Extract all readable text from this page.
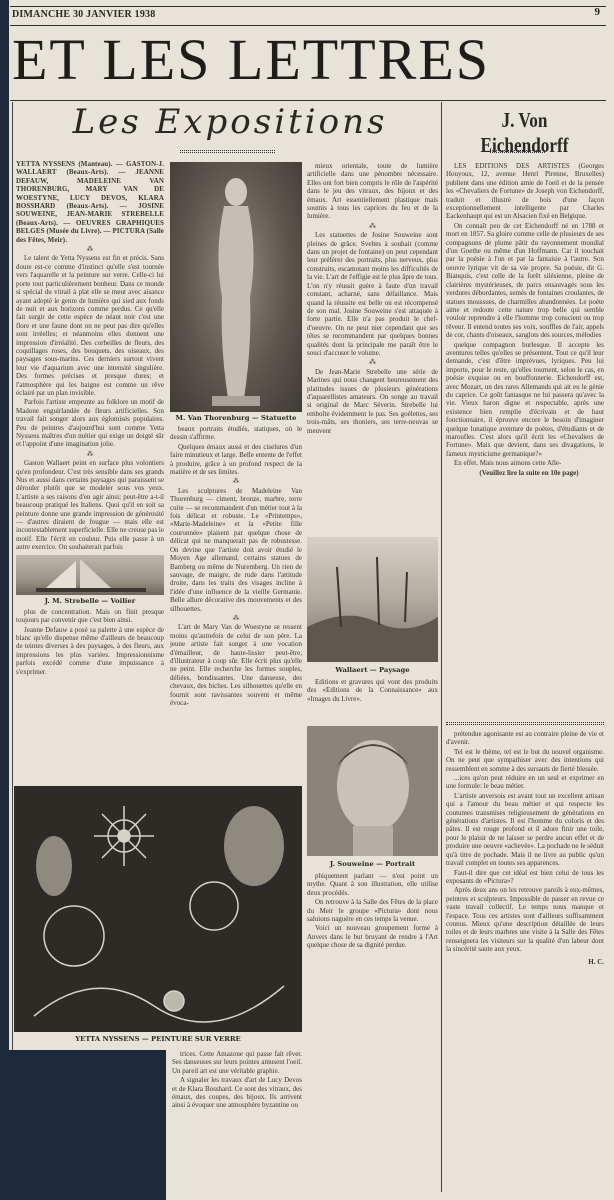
DIMANCHE 30 JANVIER 1938	9
ET LES LETTRES
Les Expositions	J. Von Eichendorff

YETTA NYSSENS (Manteau). — GASTON-J. WALLAERT (Beaux-Arts). — JEANNE DEFAUW, MADELEINE VAN THORENBURG, MARY VAN DE WOESTYNE, LUCY DEVOS, KLARA BOSSHARD (Beaux-Arts). — JOSINE SOUWEINE, JEAN-MARIE STREBELLE (Beaux-Arts). — OEUVRES GRAPHIQUES BELGES (Musée du Livre). — PICTURA (Salle des Fêtes, Meir).

⁂

Le talent de Yetta Nyssens est fin et précis. Sans doute est-ce comme d'instinct qu'elle s'est tournée vers l'aquarelle et la peinture sur verre. Celle-ci lui porte tout particulièrement bonheur. Dans ce monde si spécial du vitrail à plat elle se meut avec aisance ayant adopté le genre de lumière qui sied aux fonds de nuit et aux horizons comme perdus. Ce qu'elle fait surgir de cette espèce de néant noir c'est une flore et une faune dont on ne peut pas dire qu'elles sont irréelles; et néanmoins elles donnent une impression d'irréalité. Des corbeilles de fleurs, des coquillages roses, des bouquets, des oiseaux, des paysages sous-marins. Ces derniers surtout vivent leur vie d'aquarium avec une intensité singulière. Des formes précises et presque dures; et l'atmosphère qui les baigne est comme un rêve éclairé par un plan invisible.

Parfois l'artiste emprunte au folklore un motif de Madone enguirlandée de fleurs artificielles. Son travail fait songer alors aux églomisés populaires. Peu de peintres d'aujourd'hui sont comme Yetta Nyssens maîtres d'un métier qui exige un doigté sûr et l'appoint d'une imagination jolie.

⁂

Gaston Wallaert peint en surface plus volontiers qu'en profondeur. C'est très sensible dans ses grands Nus et aussi dans certains paysages qui paraissent se dérouler plutôt que se modeler sous vos yeux. L'artiste a ses raisons d'en agir ainsi; peut-être a-t-il beaucoup pratiqué les Italiens. Quoi qu'il en soit sa peinture donne une grande impression de générosité — d'autres diraient de fougue — mais elle est incontestablement superficielle. Elle ne creuse pas le motif. Elle l'écrit en couleur. Puis elle passe à un autre exercice. On souhaiterait parfois

J. M. Strebelle — Voilier

plus de concentration. Mais on finit presque toujours par convenir que c'est bien ainsi.

Jeanne Defauw a posé sa palette à une espèce de blanc qu'elle dispense même d'ailleurs de beaucoup de teintes diverses à des paysages, à des fleurs, aux impressions les plus variées. Impressionnisme parfois excédé comme d'une impuissance à s'exprimer.

M. Van Thorenburg — Statuette

beaux portraits étudiés, statiques, où le dessin s'affirme.

Quelques émaux aussi et des ciselures d'un faire minutieux et large. Belle entente de l'effet à produire, grâce à un profond respect de la matière et de ses limites.

⁂

Les sculptures de Madeleine Van Thorenburg — ciment, bronze, marbre, terre cuite — se recommandent d'un métier tout à la fois délicat et robuste. Le «Printemps», «Marie-Madeleine» et la «Petite fille couronnée» plaisent par quelque chose de délicat qui ne manquerait pas de robustesse. On devine que l'artiste doit avoir étudié le Moyen Age allemand, certains statues de Bamberg ou même de Nuremberg. Un rien de sauvage, de maigre, de rude dans l'attitude droite, dans les traits des visages incline à l'idée d'une influence de la vieille Germanie. Belle allure décorative des mouvements et des silhouettes.

⁂

L'art de Mary Van de Woestyne se ressent moins qu'autrefois de celui de son père. La jeune artiste fait songer à une vocation d'émailleur, de haute-lissier peut-être, d'illustrateur à coup sûr. Elle écrit plus qu'elle ne peint. Elle recherche les formes souples, déliées, bondissantes. Une danseuse, des chevaux, des biches. Les silhouettes qu'elle en fournit sont ravissantes souvent et même évoca-

mieux orientale, toute de lumière artificielle dans une pénombre nécessaire. Elles ont fort bien compris le rôle de l'aspérité dans le jeu des vitraux, des bijoux et des émaux. Art essentiellement plastique mais soumis à tous les caprices du feu et de la lumière.

⁂

Les statuettes de Josine Souweine sont pleines de grâce. Sveltes à souhait (comme dans un projet de fontaine) on peut cependant leur préférer des portraits, plus nerveux, plus construits, escamotant moins les difficultés de la vie. L'art de l'effigie est le plus âpre de tous. L'on n'y réussit guère à faute d'un travail constant, acharné, sans défaillance. Mais quand la réussite est belle on est récompensé de son mal. Josine Souweine s'est attaquée à forte partie. Elle n'a pas produit le chef-d'oeuvre. On ne peut nier cependant que ses têtes se recommandent par quelques bonnes qualités dont la principale me paraît être le souci d'accuser le volume.

⁂

De Jean-Marie Strebelle une série de Marines qui nous changent heureusement des platitudes issues de plusieurs générations d'aquarellistes amateurs. On songe au travail si original de Marc Séverin. Strebelle lui emboîte évidemment le pas. Ses goélettes, ses trois-mâts, ses thoniers, ses terre-neuvas se meuvent

Wallaert — Paysage

Editions et gravures qui vont des produits des «Editions de la Connaissance» aux «Images du Livre».

J. Souweine — Portrait

phiquement parlant — n'est point un mythe. Quant à son illustration, elle utilise deux procédés.

On retrouve à la Salle des Fêtes de la place du Meir le groupe «Pictura» dont nous saluions naguère en ces temps la venue.

Voici un nouveau groupement formé à Anvers dans le but bruyant de rendre à l'Art quelque chose de sa dignité perdue.

YETTA NYSSENS — PEINTURE SUR VERRE

trices. Cette Amazone qui passe fait rêver. Ses danseuses sur leurs pointes amusent l'oeil. Un pareil art est une véritable graphie.

A signaler les travaux d'art de Lucy Devos et de Klara Bosshard. Ce sont des vitraux, des émaux, des coupes, des bijoux. Ils arrivent ainsi à évoquer une atmosphère byzantine ou

LES EDITIONS DES ARTISTES (Georges Houyoux, 12, avenue Henri Pirenne, Bruxelles) publient dans une édition amie de l'oeil et de la pensée les «Chevaliers de Fortune» de Joseph von Eichendorff, traduit et illustré de bois d'une façon exceptionnellement intelligente par Charles Eackenhaupt qui est un Alsacien fixé en Belgique.

On connaît peu de cet Eichendorff né en 1788 et mort en 1857. Sa gloire comme celle de plusieurs de ses compagnons de plume pâtit du rayonnement mondial d'un Goethe ou même d'un Hoffmann. Car il touchait par la poésie à l'un et par la fantaisie à l'autre. Son oeuvre lyrique vit de sa vie propre. Sa poésie, dit G. Bianquis, c'est celle de la forêt silésienne, pleine de clairières mystérieuses, de parcs ensauvagés sous les verdures débordantes, semés de fontaines croulantes, de statues moussues, de charmilles abandonnées. Le poète aime et redoute cette nature trop belle qui semble vouloir reprendre à elle l'homme trop conscient ou trop rêveur. Il entend toutes ses voix, souffles de l'air, appels de cor, chants d'oiseaux, sanglots des sources, mélodies

quelque compagnon burlesque. Il accepte les aventures telles qu'elles se présentent. Tout ce qu'il leur demande, c'est d'être imprévues, lyriques. Peu lui importe, pour le reste, qu'elles tournent, selon le cas, en poésie exquise ou en bouffonnerie. Eichendorff est, avec Mozart, un des rares Allemands qui ait eu le génie du caprice. Ce goût fantasque ne lui passera qu'avec la vie. Vieux baron digne et respectable, après une existence bien remplie d'écrivain et de haut fonctionnaire, il éprouve encore le besoin d'imaginer quelque lunatique aventure de poètes, d'étudiants et de maroufles. C'est alors qu'il écrit les «Chevaliers de Fortune». Mais que devient, dans ses divagations, le fameux mysticisme germanique?»

En effet. Mais nous aimons cette Alle-

(Veuillez lire la suite en 10e page)

prétendue agonisante est au contraire pleine de vie et d'avenir.

Tel est le thème, tel est le but du nouvel organisme. On ne peut que sympathiser avec des intentions qui ressemblent en somme à des sursauts de fierté blessée.

...ices qu'on peut réduire en un seul et exprimer en une formule: le beau métier.

L'artiste anversois est avant tout un excellent artisan qui a l'amour du beau métier et qui respecte les coutumes transmises religieusement de générations en générations d'artistes. Il est l'homme du coloris et des pâtes. Il est rouge profond et il adore finir une toile, pour le plaisir de ne laisser se perdre aucun effet et de produire une oeuvre «achevée». La pochade ne le séduit qu'à titre de pochade. Mais il ne livre au public qu'un travail complet en toutes ses apparences.

Faut-il dire que cet idéal est bien celui de tous les exposants de «Pictura»?

Après deux ans on les retrouve pareils à eux-mêmes, peintres et sculpteurs. Impossible de passer en revue ce vaste travail collectif. Le temps nous manque et l'espace. Tous ces artistes sont d'ailleurs suffisamment connus. Mieux qu'une description détaillée de leurs toiles et de leurs marbres une visite à la Salle des Fêtes renseignera les visiteurs sur la qualité d'un labeur dont la sincérité saute aux yeux.

H. C.
